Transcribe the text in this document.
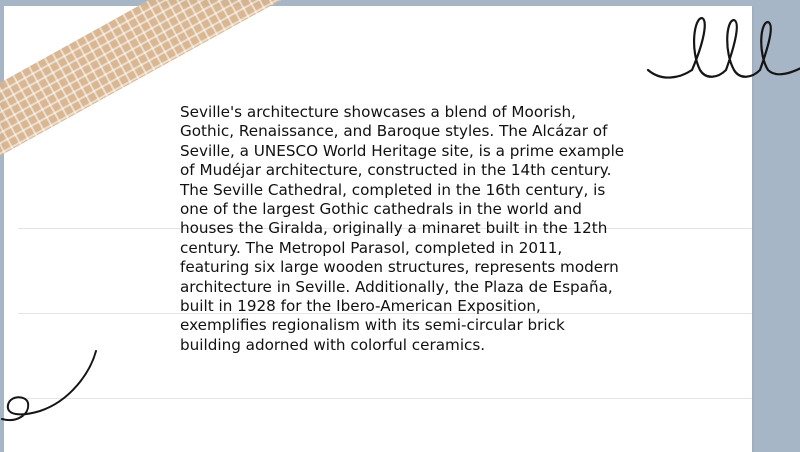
Seville's architecture showcases a blend of Moorish, Gothic, Renaissance, and Baroque styles. The Alcázar of Seville, a UNESCO World Heritage site, is a prime example of Mudéjar architecture, constructed in the 14th century. The Seville Cathedral, completed in the 16th century, is one of the largest Gothic cathedrals in the world and houses the Giralda, originally a minaret built in the 12th century. The Metropol Parasol, completed in 2011, featuring six large wooden structures, represents modern architecture in Seville. Additionally, the Plaza de España, built in 1928 for the Ibero-American Exposition, exemplifies regionalism with its semi-circular brick building adorned with colorful ceramics.
